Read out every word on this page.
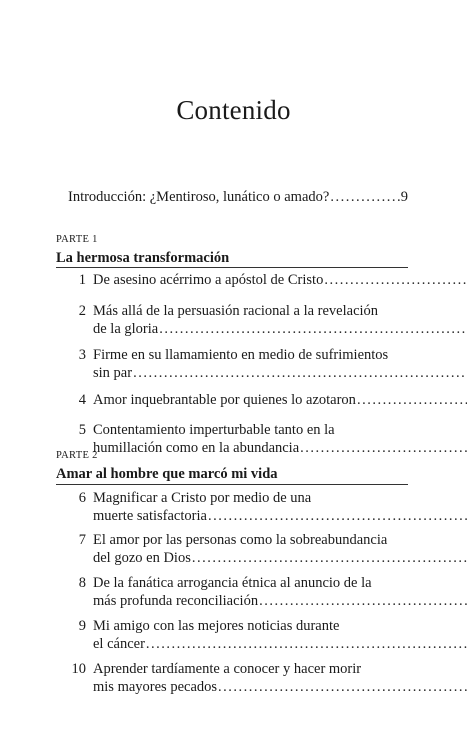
Contenido
Introducción: ¿Mentiroso, lunático o amado?
.....	9
PARTE 1
La hermosa transformación
1 De asesino acérrimo a apóstol de Cristo
.....
2 Más allá de la persuasión racional a la revelación
de la gloria
.....
3 Firme en su llamamiento en medio de sufrimientos
sin par
.....
4 Amor inquebrantable por quienes lo azotaron
.....
5 Contentamiento imperturbable tanto en la
humillación como en la abundancia
.....
PARTE 2
Amar al hombre que marcó mi vida
6 Magnificar a Cristo por medio de una
muerte satisfactoria
.....
7 El amor por las personas como la sobreabundancia
del gozo en Dios
.....
8 De la fanática arrogancia étnica al anuncio de la
más profunda reconciliación
.....
9 Mi amigo con las mejores noticias durante
el cáncer
.....
10 Aprender tardíamente a conocer y hacer morir
mis mayores pecados
.....
